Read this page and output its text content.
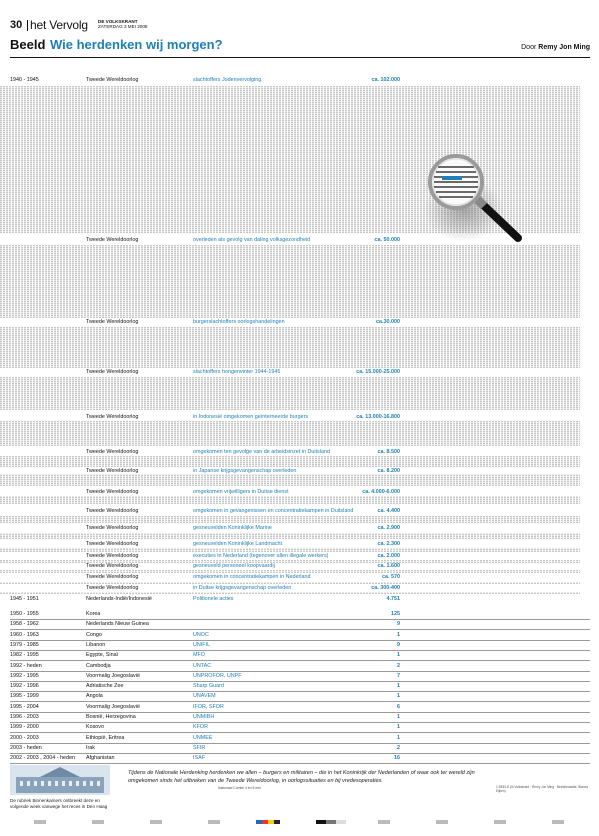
30 het Vervolg DE VOLKSKRANT
ZATERDAG 3 MEI 2008
Beeld Wie herdenken wij morgen?	Door Remy Jon Ming
1940 - 1945	Tweede Wereldoorlog	slachtoffers Jodenvervolging	ca. 102.000
Tweede Wereldoorlog	overleden als gevolg van daling volksgezondheid	ca. 50.000
Tweede Wereldoorlog	burgerslachtoffers oorlogshandelingen	ca.30.000
Tweede Wereldoorlog	slachtoffers hongerwinter 1944-1945	ca. 15.000-25.000
Tweede Wereldoorlog	in Indonesië omgekomen geïnterneerde burgers	ca. 13.000-16.800
Tweede Wereldoorlog	omgekomen ten gevolge van de arbeidsinzet in Duitsland	ca. 8.500
Tweede Wereldoorlog	in Japanse krijgsgevangenschap overleden	ca. 8.200
Tweede Wereldoorlog	omgekomen vrijwilligers in Duitse dienst	ca. 4.000-6.000
Tweede Wereldoorlog	omgekomen in gevangenissen en concentratiekampen in Duitsland	ca. 4.400
Tweede Wereldoorlog	gesneuvelden Koninklijke Marine	ca. 2.900
Tweede Wereldoorlog	gesneuvelden Koninklijke Landmacht	ca. 2.300
Tweede Wereldoorlog	executies in Nederland (tegenover allen illegale werkers)	ca. 2.000
Tweede Wereldoorlog	gesneuveld personeel koopvaardij	ca. 1.600
Tweede Wereldoorlog	omgekomen in concentratiekampen in Nederland	ca. 570
Tweede Wereldoorlog	in Duitse krijgsgevangenschap overleden	ca. 300-400
1945 - 1951	Nederlands-Indië/Indonesië	Politionele acties	4.751
1950 - 1955	Korea	125
1958 - 1962	Nederlands Nieuw Guinea	9
1960 - 1963	Congo	UNOC	1
1979 - 1985	Libanon	UNIFIL	9
1982 - 1995	Egypte, Sinaï	MFO	1
1992 - heden	Cambodja	UNTAC	2
1992 - 1995	Voormalig Joegoslavië	UNPROFOR, UNPF	7
1992 - 1996	Adriatische Zee	Sharp Guard	1
1995 - 1999	Angola	UNAVEM	1
1995 - 2004	Voormalig Joegoslavië	IFOR, SFOR	6
1996 - 2003	Bosnië, Herzegovina	UNMIBH	1
1999 - 2000	Kosovo	KFOR	1
2000 - 2003	Ethiopië, Eritrea	UNMEE	1
2003 - heden	Irak	SFIR	2
2002 - 2003 , 2004 - heden Afghanistan	ISAF	16
Tijdens de Nationale Herdenking herdenken we allen – burgers en militairen – die in het Koninkrijk der Nederlanden of waar ook ter wereld zijn omgekomen sinds het uitbreken van de Tweede Wereldoorlog, in oorlogssituaties en bij vredesoperaties.
Nationaal Comité 4 en 5 mei
De rubriek Binnenkamers ontbreekt deze en volgende week vanwege het reces in Den Haag
1 BEELD (Ik Volkskrant · Remy Jon Ming · Beeldredactie: Bianca Eijken)
